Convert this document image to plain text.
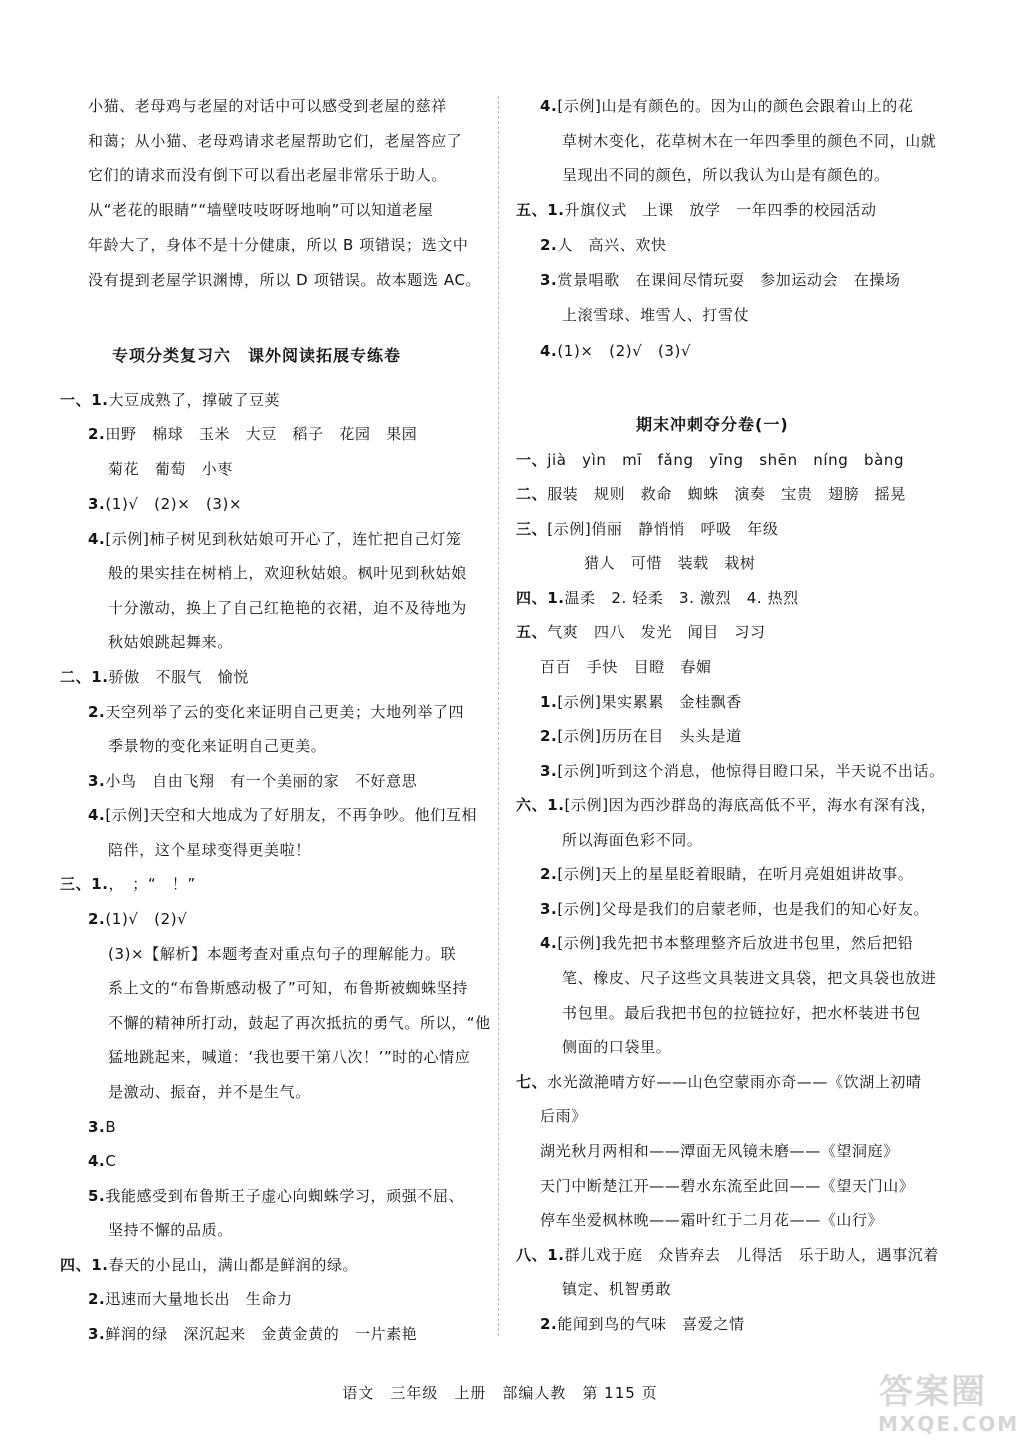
专项分类复习六　课外阅读拓展专练卷
小猫、老母鸡与老屋的对话中可以感受到老屋的慈祥
和蔼；从小猫、老母鸡请求老屋帮助它们，老屋答应了
它们的请求而没有倒下可以看出老屋非常乐于助人。
从“老花的眼睛”“墙壁吱吱呀呀地响”可以知道老屋
年龄大了，身体不是十分健康，所以 B 项错误；选文中
没有提到老屋学识渊博，所以 D 项错误。故本题选 AC。
一、1.大豆成熟了，撑破了豆荚
2.田野　棉球　玉米　大豆　稻子　花园　果园
菊花　葡萄　小枣
3.(1)√　(2)×　(3)×
4.[示例]柿子树见到秋姑娘可开心了，连忙把自己灯笼
般的果实挂在树梢上，欢迎秋姑娘。枫叶见到秋姑娘
十分激动，换上了自己红艳艳的衣裙，迫不及待地为
秋姑娘跳起舞来。
二、1.骄傲　不服气　愉悦
2.天空列举了云的变化来证明自己更美；大地列举了四
季景物的变化来证明自己更美。
3.小鸟　自由飞翔　有一个美丽的家　不好意思
4.[示例]天空和大地成为了好朋友，不再争吵。他们互相
陪伴，这个星球变得更美啦！
三、1.，　；“　！”
2.(1)√　(2)√
(3)×【解析】本题考查对重点句子的理解能力。联
系上文的“布鲁斯感动极了”可知，布鲁斯被蜘蛛坚持
不懈的精神所打动，鼓起了再次抵抗的勇气。所以，“他
猛地跳起来，喊道：‘我也要干第八次！’”时的心情应
是激动、振奋，并不是生气。
3.B
4.C
5.我能感受到布鲁斯王子虚心向蜘蛛学习，顽强不屈、
坚持不懈的品质。
四、1.春天的小昆山，满山都是鲜润的绿。
2.迅速而大量地长出　生命力
3.鲜润的绿　深沉起来　金黄金黄的　一片素艳
期末冲刺夺分卷(一)
4.[示例]山是有颜色的。因为山的颜色会跟着山上的花
草树木变化，花草树木在一年四季里的颜色不同，山就
呈现出不同的颜色，所以我认为山是有颜色的。
五、1.升旗仪式　上课　放学　一年四季的校园活动
2.人　高兴、欢快
3.赏景唱歌　在课间尽情玩耍　参加运动会　在操场
上滚雪球、堆雪人、打雪仗
4.(1)×　(2)√　(3)√
一、jià　yìn　mī　fǎng　yīng　shēn　níng　bàng
二、服装　规则　救命　蜘蛛　演奏　宝贵　翅膀　摇晃
三、[示例]俏丽　静悄悄　呼吸　年级
猎人　可惜　装载　栽树
四、1.温柔　2. 轻柔　3. 激烈　4. 热烈
五、气爽　四八　发光　闻目　习习
百百　手快　目瞪　春媚
1.[示例]果实累累　金桂飘香
2.[示例]历历在目　头头是道
3.[示例]听到这个消息，他惊得目瞪口呆，半天说不出话。
六、1.[示例]因为西沙群岛的海底高低不平，海水有深有浅，
所以海面色彩不同。
2.[示例]天上的星星眨着眼睛，在听月亮姐姐讲故事。
3.[示例]父母是我们的启蒙老师，也是我们的知心好友。
4.[示例]我先把书本整理整齐后放进书包里，然后把铅
笔、橡皮、尺子这些文具装进文具袋，把文具袋也放进
书包里。最后我把书包的拉链拉好，把水杯装进书包
侧面的口袋里。
七、水光潋滟晴方好——山色空蒙雨亦奇——《饮湖上初晴
后雨》
湖光秋月两相和——潭面无风镜未磨——《望洞庭》
天门中断楚江开——碧水东流至此回——《望天门山》
停车坐爱枫林晚——霜叶红于二月花——《山行》
八、1.群儿戏于庭　众皆弃去　儿得活　乐于助人，遇事沉着
镇定、机智勇敢
2.能闻到鸟的气味　喜爱之情
语文　三年级　上册　部编人教　第 115 页	答案圈
MXQE.COM
